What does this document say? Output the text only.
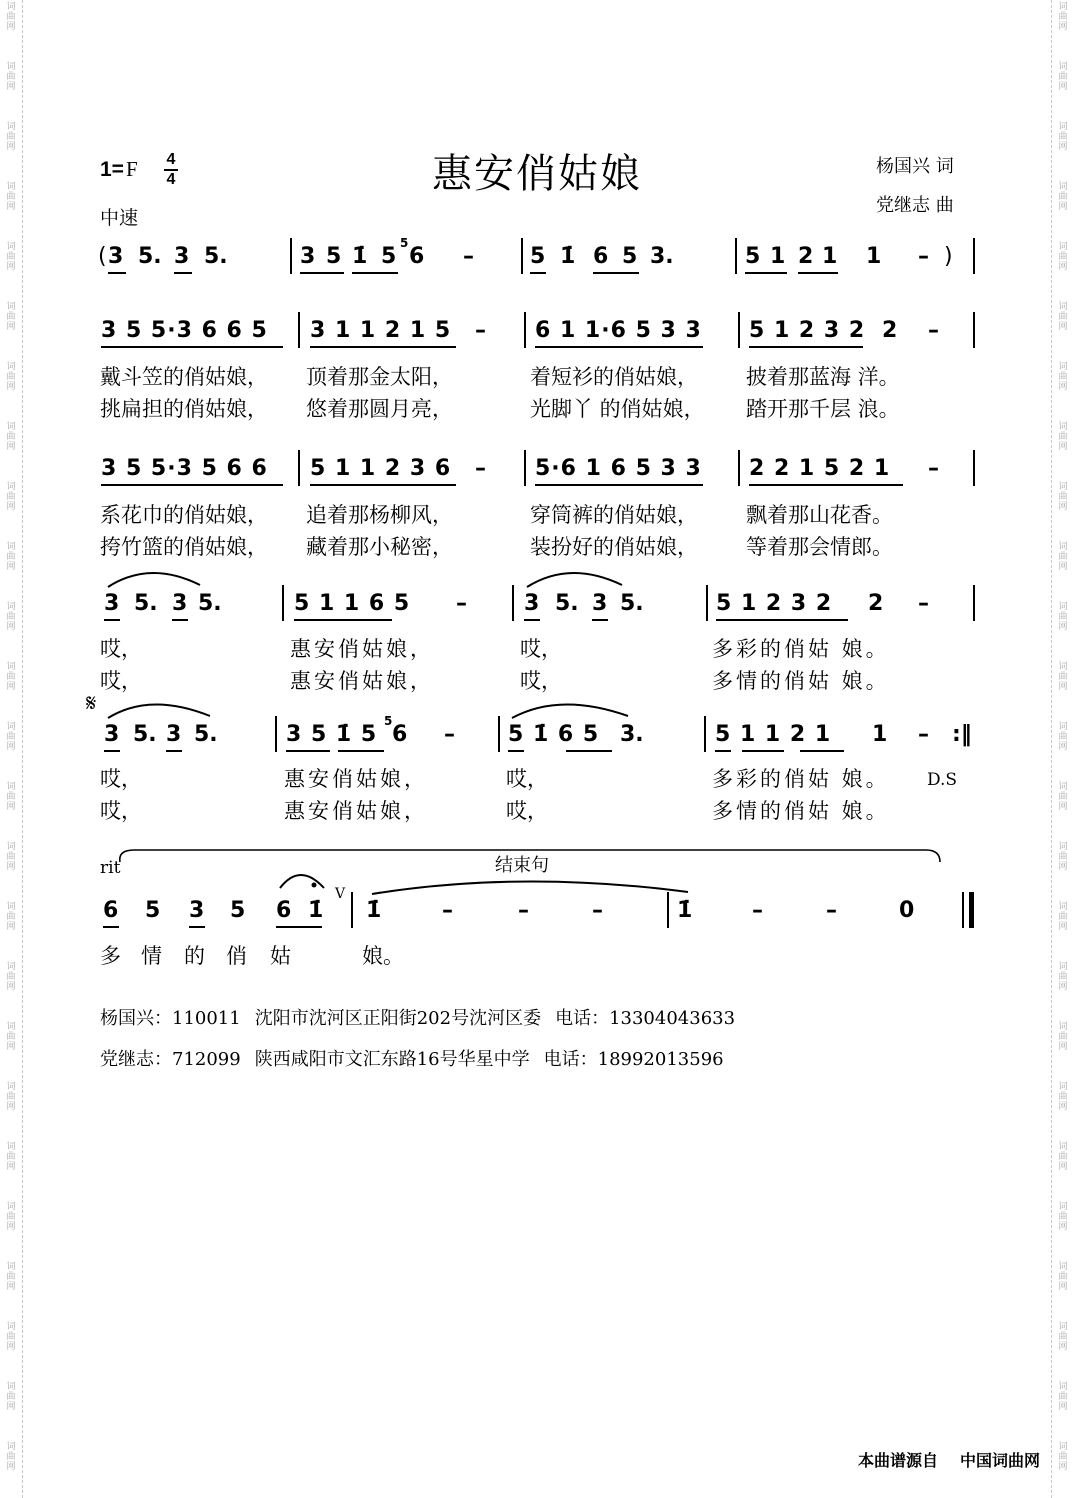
词
曲
网
词
曲
网
词
曲
网
词
曲
网
词
曲
网
词
曲
网
词
曲
网
词
曲
网
词
曲
网
词
曲
网
词
曲
网
词
曲
网
词
曲
网
词
曲
网
词
曲
网
词
曲
网
词
曲
网
词
曲
网
词
曲
网
词
曲
网
词
曲
网
词
曲
网
词
曲
网
词
曲
网
词
曲
网
词
曲
网
词
曲
网
词
曲
网
词
曲
网
词
曲
网
词
曲
网
词
曲
网
词
曲
网
词
曲
网
词
曲
网
词
曲
网
词
曲
网
词
曲
网
词
曲
网
词
曲
网
词
曲
网
词
曲
网
词
曲
网
词
曲
网
词
曲
网
词
曲
网
词
曲
网
词
曲
网
词
曲
网
词
曲
网
1=F 4
4
中速
惠安俏姑娘	杨国兴 词
党继志 曲
( 3 5. 3 5.	3 5 1̇ 5
5
6 –	5 1̇ 6 5 3.	5 1 2 1 1 – )
3 5 5·3 6 6 5 3 1 1 2 1 5 – 6 1 1·6 5 3 3 5 1 2 3 2 2 –
戴斗笠的俏姑娘， 顶着那金太阳，	着短衫的俏姑娘， 披着那蓝海 洋。
挑扁担的俏姑娘， 悠着那圆月亮，	光脚丫 的俏姑娘， 踏开那千层 浪。
3 5 5·3 5 6 6 5 1 1 2 3 6 – 5·6 1 6 5 3 3 2 2 1 5 2 1 –
系花巾的俏姑娘， 追着那杨柳风，	穿筒裤的俏姑娘， 飘着那山花香。
挎竹篮的俏姑娘， 藏着那小秘密，	装扮好的俏姑娘， 等着那会情郎。
3 5. 3 5.	5 1 1 6 5 –	3 5. 3 5.	5 1 2 3 2 2 –
哎，	惠安俏姑娘，	哎，	多彩的俏姑 娘。
哎，	惠安俏姑娘，	哎，	多情的俏姑 娘。
𝄋
3 5. 3 5.	3 5 1̇ 5
5
6 – 5 1̇ 6 5 3.	5 1 1 2 1 1 – :‖
哎，	惠安俏姑娘，	哎，	多彩的俏姑 娘。 D.S
哎，	惠安俏姑娘，	哎，	多情的俏姑 娘。
rit	结束句
V
6 5 3 5 6 1̇ 1̇	–	–	–	1̇	–	–	0
多 情 的 俏 姑	娘。
杨国兴：110011 沈阳市沈河区正阳街202号沈河区委 电话：13304043633
党继志：712099 陕西咸阳市文汇东路16号华星中学 电话：18992013596
本曲谱源自 中国词曲网
